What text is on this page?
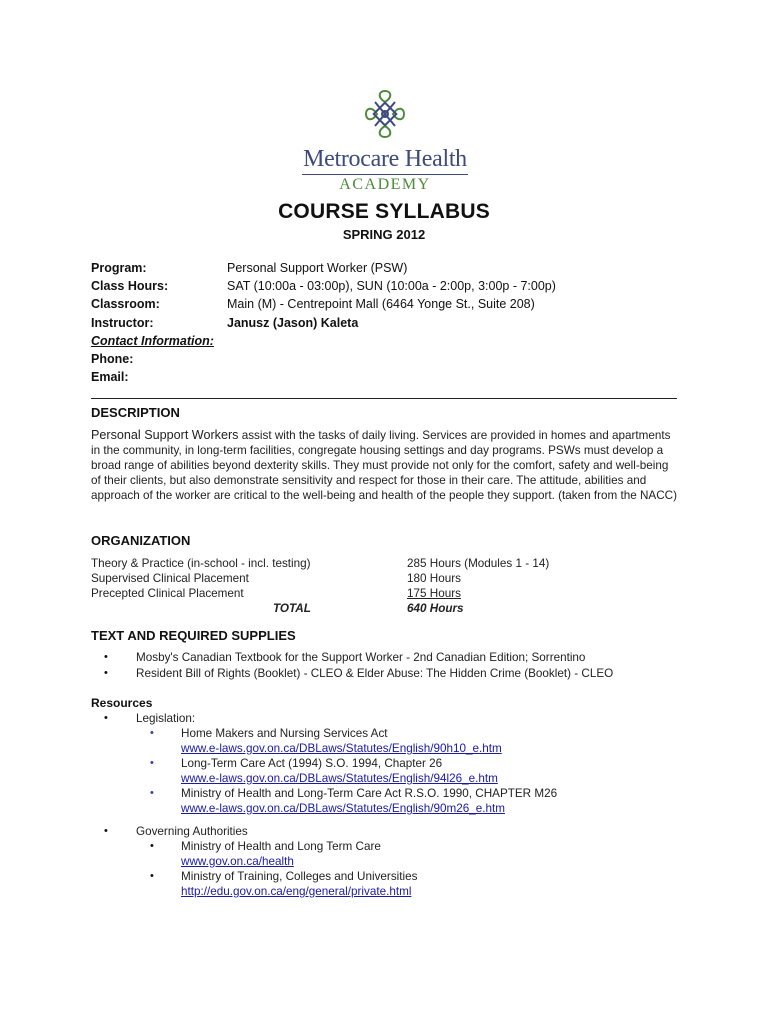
Metrocare Health
ACADEMY
COURSE SYLLABUS
SPRING 2012
Program:	Personal Support Worker (PSW)
Class Hours:	SAT (10:00a - 03:00p), SUN (10:00a - 2:00p, 3:00p - 7:00p)
Classroom:	Main (M) - Centrepoint Mall (6464 Yonge St., Suite 208)
Instructor:	Janusz (Jason) Kaleta
Contact Information:
Phone:
Email:
DESCRIPTION
Personal Support Workers assist with the tasks of daily living. Services are provided in homes and apartments in the community, in long-term facilities, congregate housing settings and day programs. PSWs must develop a broad range of abilities beyond dexterity skills. They must provide not only for the comfort, safety and well-being of their clients, but also demonstrate sensitivity and respect for those in their care. The attitude, abilities and approach of the worker are critical to the well-being and health of the people they support. (taken from the NACC)
ORGANIZATION
Theory & Practice (in-school - incl. testing)	285 Hours (Modules 1 - 14)
Supervised Clinical Placement	180 Hours
Precepted Clinical Placement	175 Hours
TOTAL	640 Hours
TEXT AND REQUIRED SUPPLIES
• Mosby's Canadian Textbook for the Support Worker - 2nd Canadian Edition; Sorrentino
• Resident Bill of Rights (Booklet) - CLEO & Elder Abuse: The Hidden Crime (Booklet) - CLEO
Resources
• Legislation:
• Home Makers and Nursing Services Act
www.e-laws.gov.on.ca/DBLaws/Statutes/English/90h10_e.htm
• Long-Term Care Act (1994) S.O. 1994, Chapter 26
www.e-laws.gov.on.ca/DBLaws/Statutes/English/94l26_e.htm
• Ministry of Health and Long-Term Care Act R.S.O. 1990, CHAPTER M26
www.e-laws.gov.on.ca/DBLaws/Statutes/English/90m26_e.htm
• Governing Authorities
• Ministry of Health and Long Term Care
www.gov.on.ca/health
• Ministry of Training, Colleges and Universities
http://edu.gov.on.ca/eng/general/private.html
